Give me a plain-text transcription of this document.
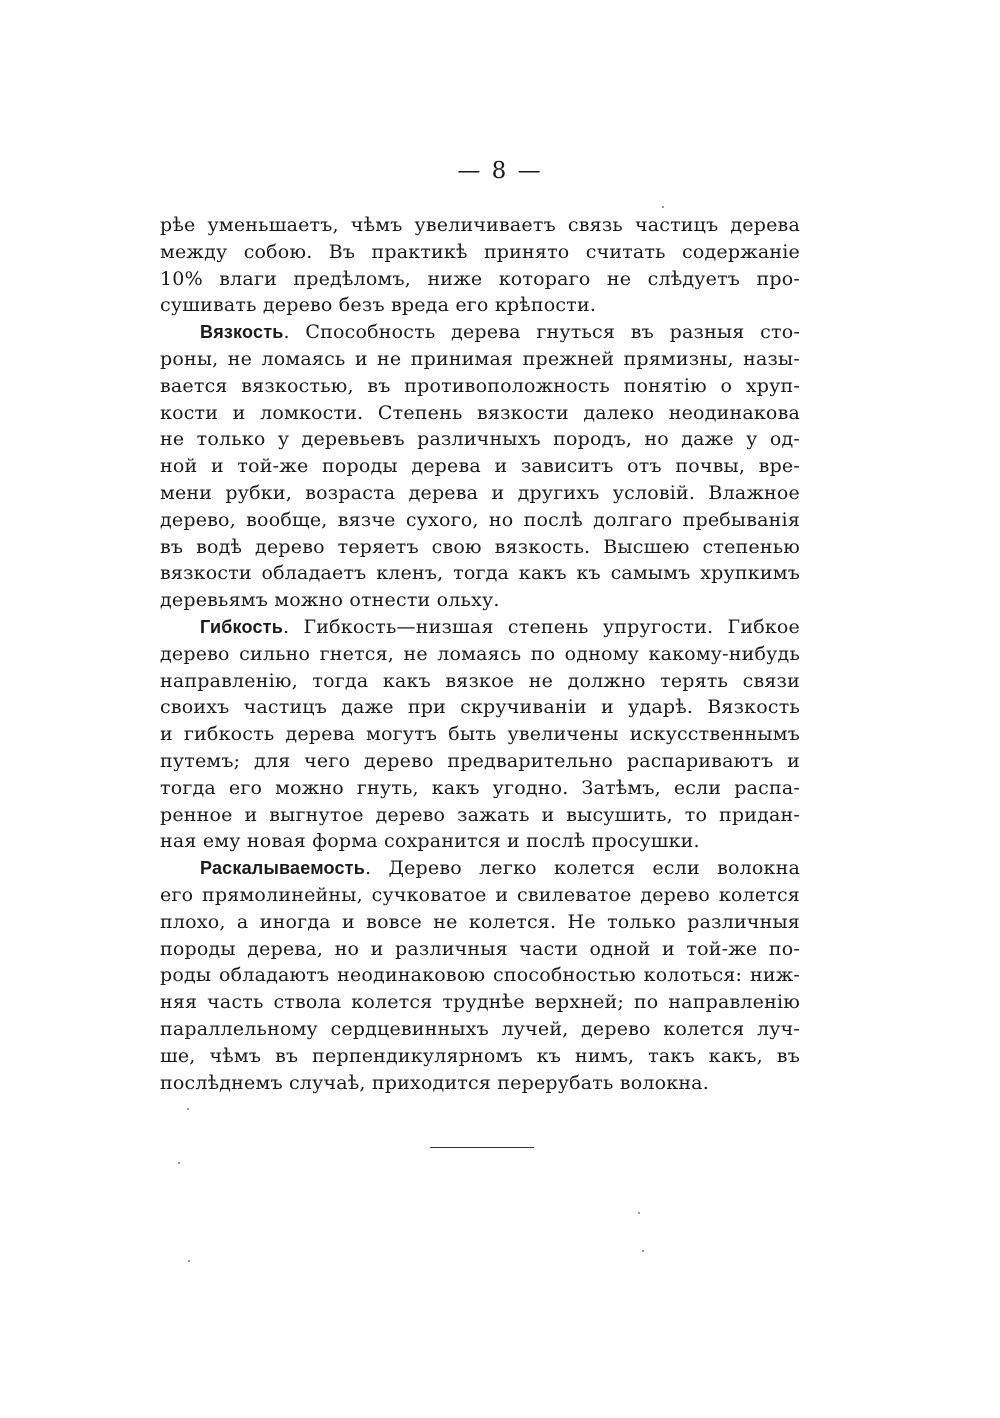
— 8 —
рѣе уменьшаетъ, чѣмъ увеличиваетъ связь частицъ дерева
между собою. Въ практикѣ принято считать содержанiе
10% влаги предѣломъ, ниже котораго не слѣдуетъ про-
сушивать дерево безъ вреда его крѣпости.
Вязкость. Способность дерева гнуться въ разныя сто-
роны, не ломаясь и не принимая прежней прямизны, назы-
вается вязкостью, въ противоположность понятiю о хруп-
кости и ломкости. Степень вязкости далеко неодинакова
не только у деревьевъ различныхъ породъ, но даже у од-
ной и той-же породы дерева и зависитъ отъ почвы, вре-
мени рубки, возраста дерева и другихъ условiй. Влажное
дерево, вообще, вязче сухого, но послѣ долгаго пребыванiя
въ водѣ дерево теряетъ свою вязкость. Высшею степенью
вязкости обладаетъ кленъ, тогда какъ къ самымъ хрупкимъ
деревьямъ можно отнести ольху.
Гибкость. Гибкость—низшая степень упругости. Гибкое
дерево сильно гнется, не ломаясь по одному какому-нибудь
направленiю, тогда какъ вязкое не должно терять связи
своихъ частицъ даже при скручиванiи и ударѣ. Вязкость
и гибкость дерева могутъ быть увеличены искусственнымъ
путемъ; для чего дерево предварительно распариваютъ и
тогда его можно гнуть, какъ угодно. Затѣмъ, если распа-
ренное и выгнутое дерево зажать и высушить, то придан-
ная ему новая форма сохранится и послѣ просушки.
Раскалываемость. Дерево легко колется если волокна
его прямолинейны, сучковатое и свилеватое дерево колется
плохо, а иногда и вовсе не колется. Не только различныя
породы дерева, но и различныя части одной и той-же по-
роды обладаютъ неодинаковою способностью колоться: ниж-
няя часть ствола колется труднѣе верхней; по направленiю
параллельному сердцевинныхъ лучей, дерево колется луч-
ше, чѣмъ въ перпендикулярномъ къ нимъ, такъ какъ, въ
послѣднемъ случаѣ, приходится перерубать волокна.
